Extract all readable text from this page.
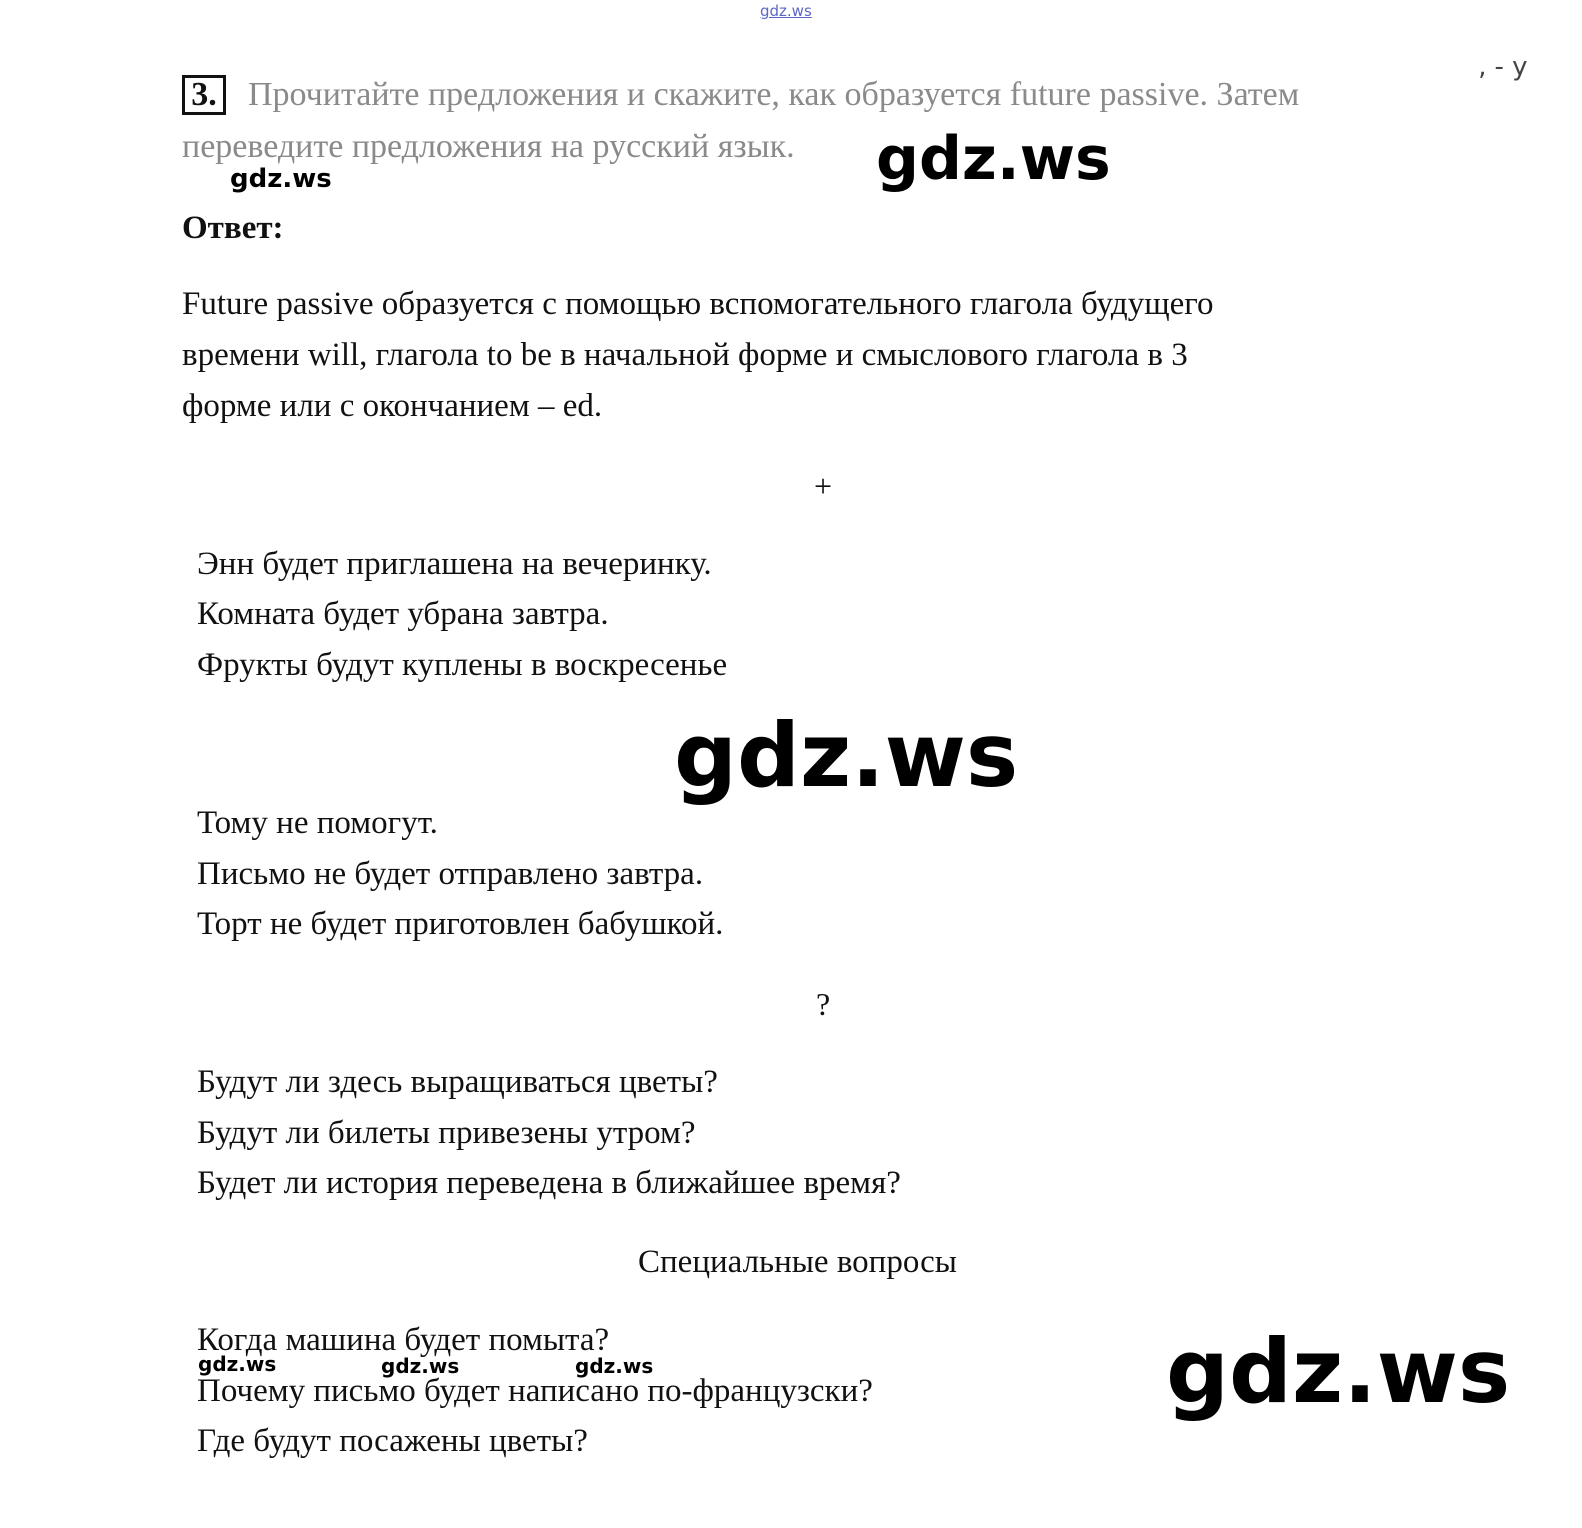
gdz.ws
‚ - у
3. Прочитайте предложения и скажите, как образуется future passive. Затем
переведите предложения на русский язык. gdz.ws
gdz.ws
Ответ:
Future passive образуется с помощью вспомогательного глагола будущего
времени will, глагола to be в начальной форме и смыслового глагола в 3
форме или с окончанием – ed.
+
Энн будет приглашена на вечеринку.
Комната будет убрана завтра.
Фрукты будут куплены в воскресенье
gdz.ws
Тому не помогут.
Письмо не будет отправлено завтра.
Торт не будет приготовлен бабушкой.
?
Будут ли здесь выращиваться цветы?
Будут ли билеты привезены утром?
Будет ли история переведена в ближайшее время?
Специальные вопросы
Когда машина будет помыта?
Почему письмо будет написано по-французски?
Где будут посажены цветы?
gdz.ws	gdz.ws	gdz.ws	gdz.ws
